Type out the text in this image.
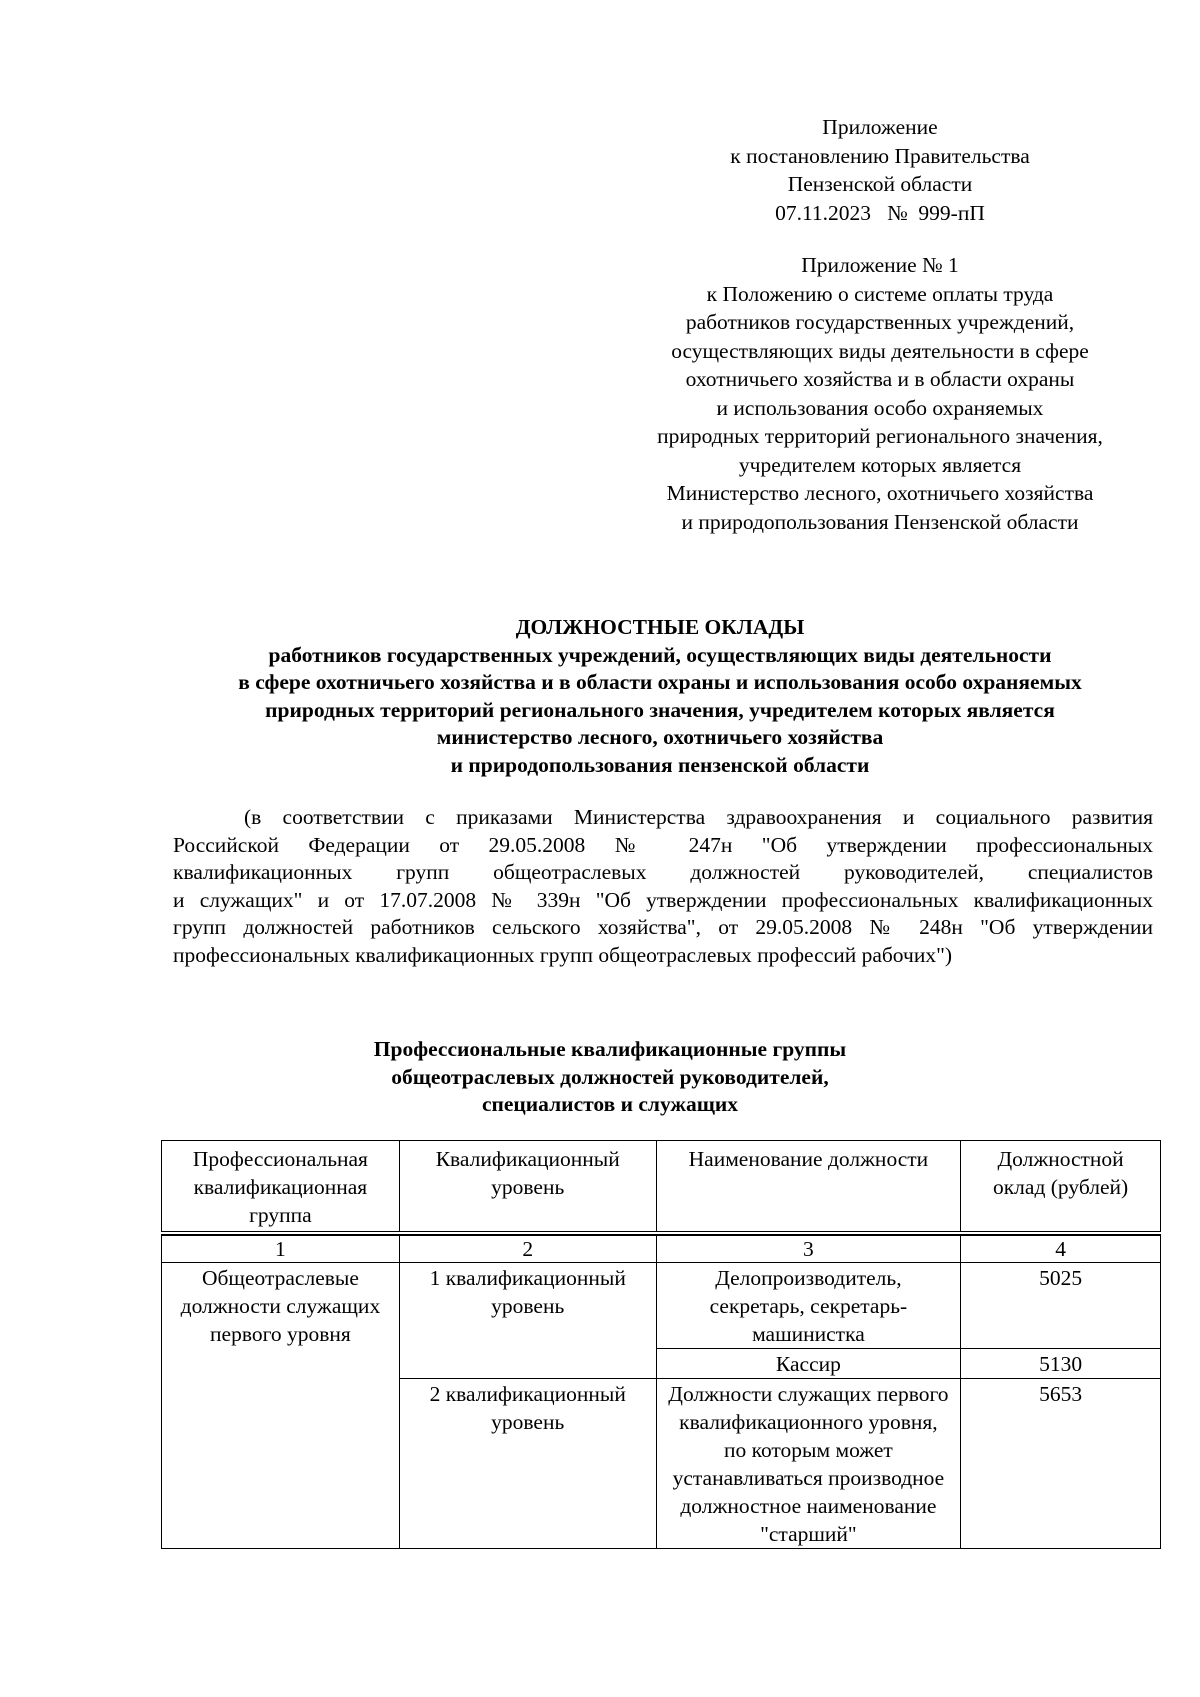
Приложение
к постановлению Правительства
Пензенской области
07.11.2023   №  999-пП
Приложение № 1
к Положению о системе оплаты труда
работников государственных учреждений,
осуществляющих виды деятельности в сфере
охотничьего хозяйства и в области охраны
и использования особо охраняемых
природных территорий регионального значения,
учредителем которых является
Министерство лесного, охотничьего хозяйства
и природопользования Пензенской области
ДОЛЖНОСТНЫЕ ОКЛАДЫ
работников государственных учреждений, осуществляющих виды деятельности
в сфере охотничьего хозяйства и в области охраны и использования особо охраняемых
природных территорий регионального значения, учредителем которых является
министерство лесного, охотничьего хозяйства
и природопользования пензенской области
(в соответствии с приказами Министерства здравоохранения и социального развития
Российской Федерации от 29.05.2008 № 247н "Об утверждении профессиональных
квалификационных групп общеотраслевых должностей руководителей, специалистов
и служащих" и от 17.07.2008 № 339н "Об утверждении профессиональных квалификационных
групп должностей работников сельского хозяйства", от 29.05.2008 № 248н "Об утверждении
профессиональных квалификационных групп общеотраслевых профессий рабочих")
Профессиональные квалификационные группы
общеотраслевых должностей руководителей,
специалистов и служащих
Профессиональная квалификационная группа	Квалификационный уровень	Наименование должности	Должностной оклад (рублей)

1	2	3	4
Общеотраслевые должности служащих первого уровня	1 квалификационный уровень	Делопроизводитель, секретарь, секретарь-машинистка	5025
		Кассир	5130
	2 квалификационный уровень	Должности служащих первого квалификационного уровня, по которым может устанавливаться производное должностное наименование "старший"	5653
